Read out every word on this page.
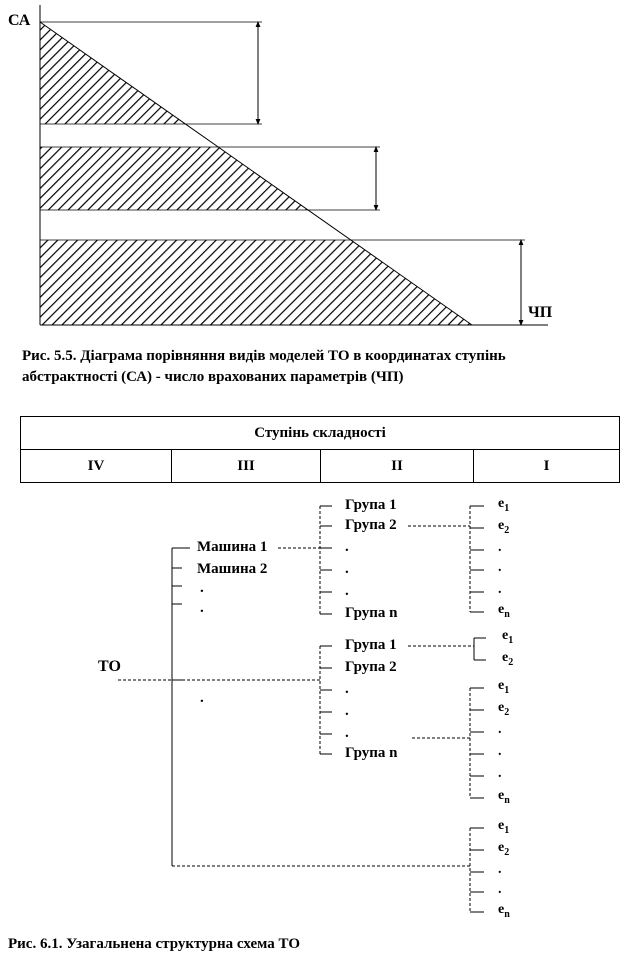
СА
ЧП
Рис. 5.5. Діаграма порівняння видів моделей ТО в координатах ступінь
абстрактності (СА) - число врахованих параметрів (ЧП)
Ступінь складності
IV	III	II	I
ТО
Машина 1
Машина 2
.
.
.
Група 1
Група 2
.
.
.
Група n
Група 1
Група 2
.
.
.
Група n
$e_1$
$e_2$
.
.
.
$e_n$
$e_1$
$e_2$
$e_1$
$e_2$
.
.
.
$e_n$
$e_1$
$e_2$
.
.
$e_n$
Рис. 6.1. Узагальнена структурна схема ТО
